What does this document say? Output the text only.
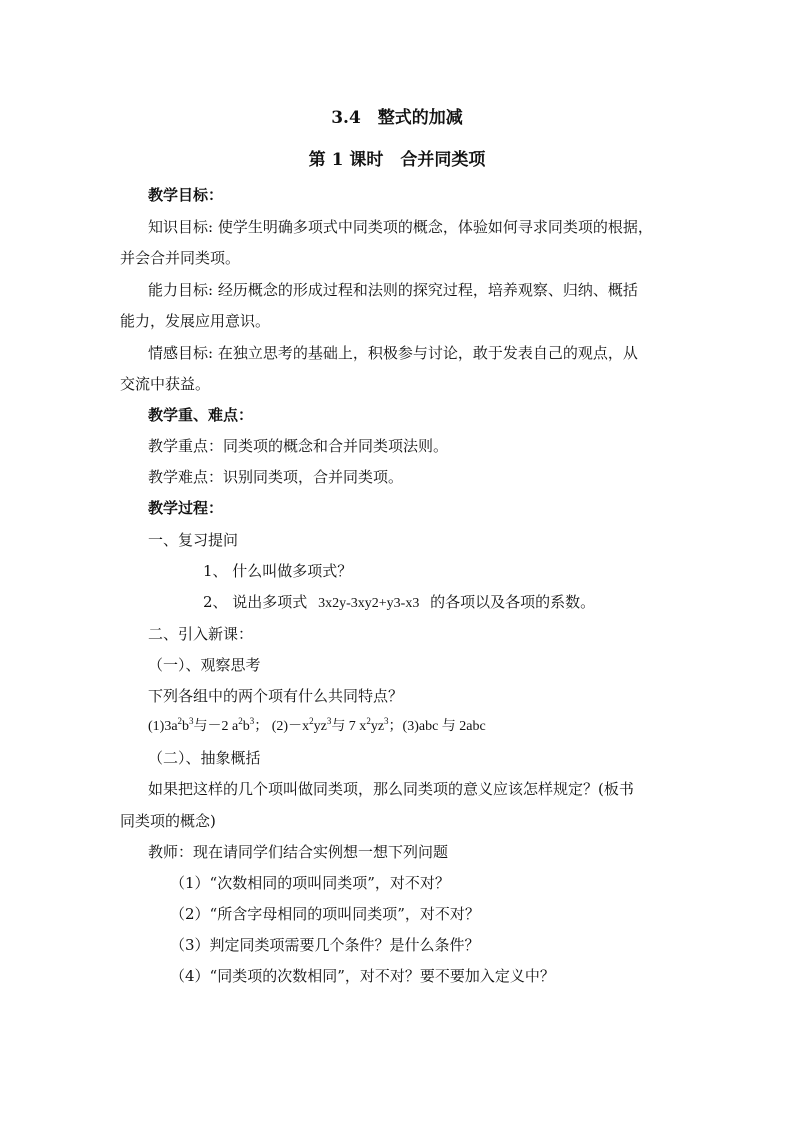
3.4　整式的加减
第 1 课时　合并同类项
教学目标：
知识目标: 使学生明确多项式中同类项的概念，体验如何寻求同类项的根据，
并会合并同类项。
能力目标: 经历概念的形成过程和法则的探究过程，培养观察、归纳、概括
能力，发展应用意识。
情感目标: 在独立思考的基础上，积极参与讨论，敢于发表自己的观点，从
交流中获益。
教学重、难点：
教学重点：同类项的概念和合并同类项法则。
教学难点：识别同类项，合并同类项。
教学过程：
一、复习提问
1、 什么叫做多项式？
2、 说出多项式 3x2y-3xy2+y3-x3 的各项以及各项的系数。
二、引入新课：
（一）、观察思考
下列各组中的两个项有什么共同特点？
$(1)3a^2b^3$与－2 $a^2b^3$； $(2)-x^2yz^3$与 7 $x^2yz^3$；(3)abc 与 2abc
（二）、抽象概括
如果把这样的几个项叫做同类项，那么同类项的意义应该怎样规定？(板书
同类项的概念)
教师：现在请同学们结合实例想一想下列问题
（1）“次数相同的项叫同类项”，对不对？
（2）“所含字母相同的项叫同类项”，对不对？
（3）判定同类项需要几个条件？是什么条件？
（4）“同类项的次数相同”，对不对？要不要加入定义中？
